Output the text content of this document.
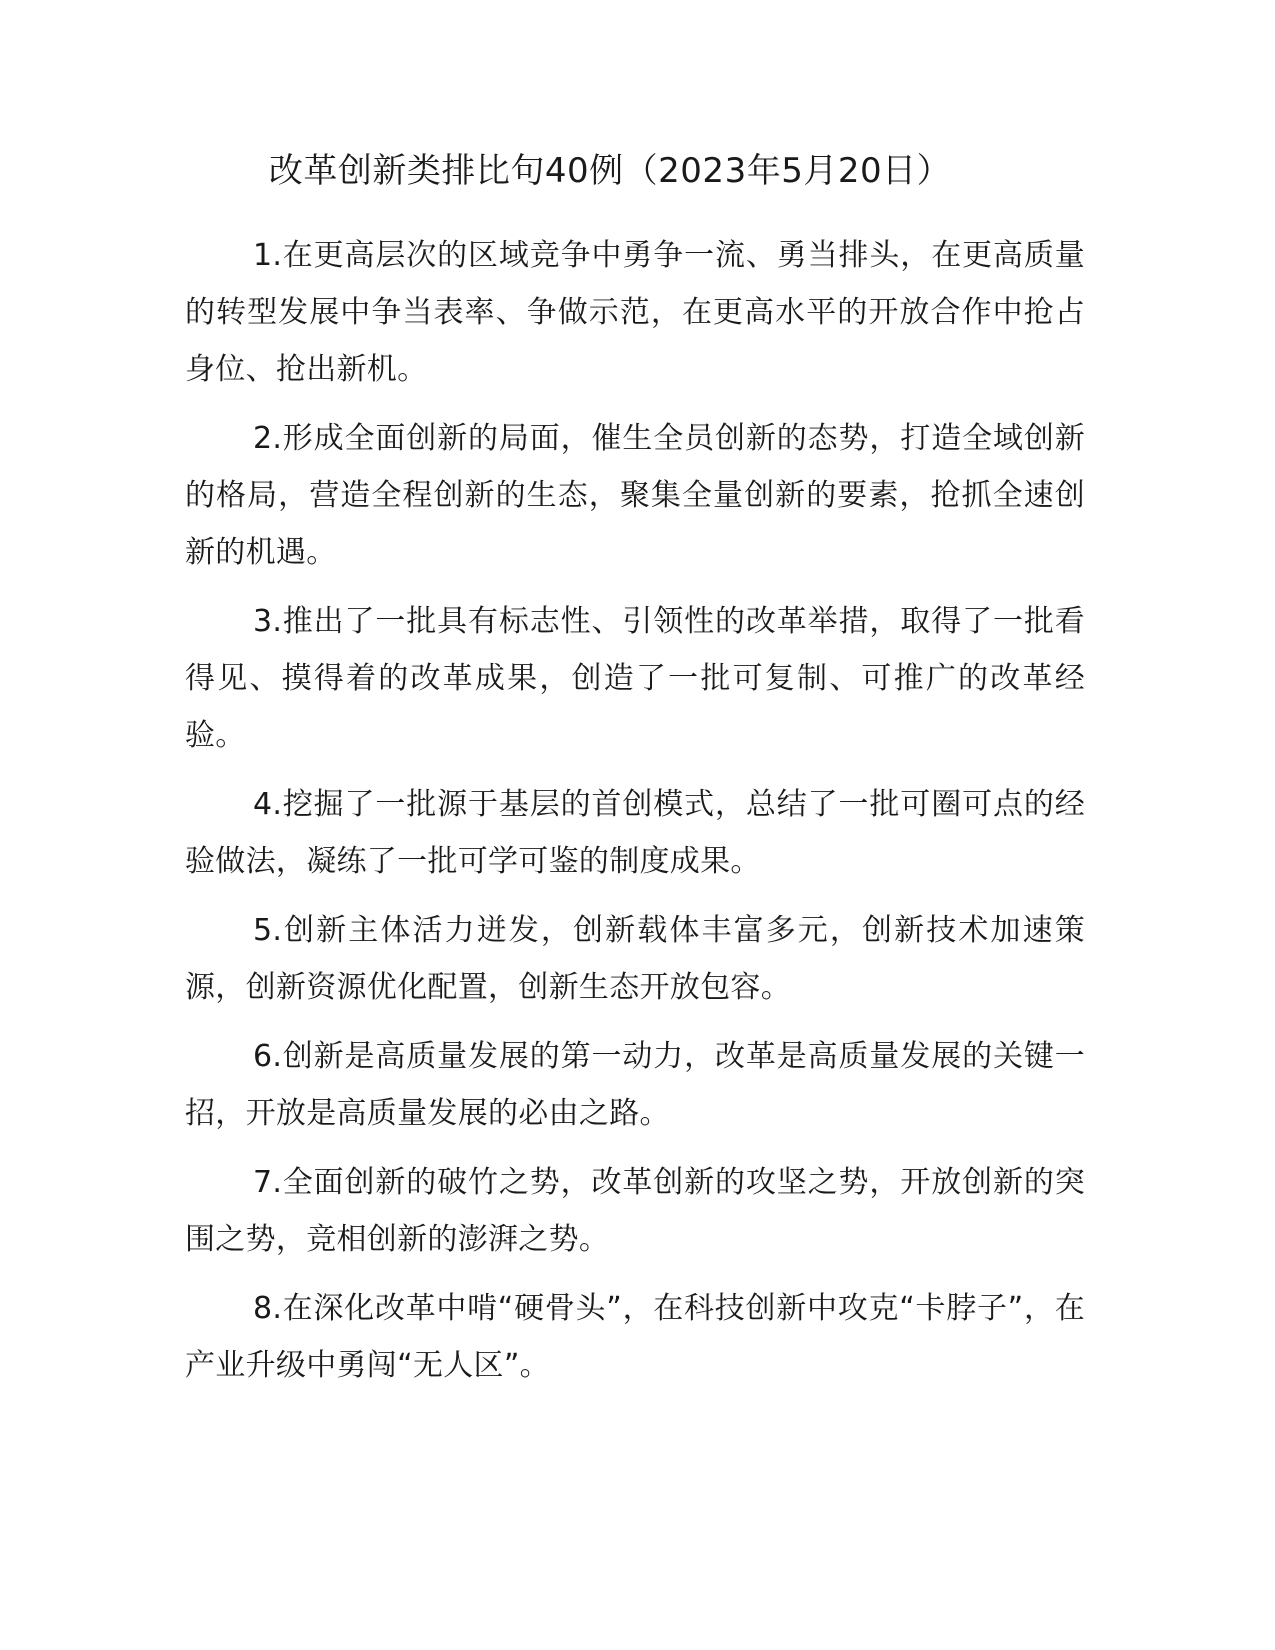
改革创新类排比句40例（2023年5月20日）

1.在更高层次的区域竞争中勇争一流、勇当排头，在更高质量的转型发展中争当表率、争做示范，在更高水平的开放合作中抢占身位、抢出新机。

2.形成全面创新的局面，催生全员创新的态势，打造全域创新的格局，营造全程创新的生态，聚集全量创新的要素，抢抓全速创新的机遇。

3.推出了一批具有标志性、引领性的改革举措，取得了一批看得见、摸得着的改革成果，创造了一批可复制、可推广的改革经验。

4.挖掘了一批源于基层的首创模式，总结了一批可圈可点的经验做法，凝练了一批可学可鉴的制度成果。

5.创新主体活力迸发，创新载体丰富多元，创新技术加速策源，创新资源优化配置，创新生态开放包容。

6.创新是高质量发展的第一动力，改革是高质量发展的关键一招，开放是高质量发展的必由之路。

7.全面创新的破竹之势，改革创新的攻坚之势，开放创新的突围之势，竞相创新的澎湃之势。

8.在深化改革中啃“硬骨头”，在科技创新中攻克“卡脖子”，在产业升级中勇闯“无人区”。
